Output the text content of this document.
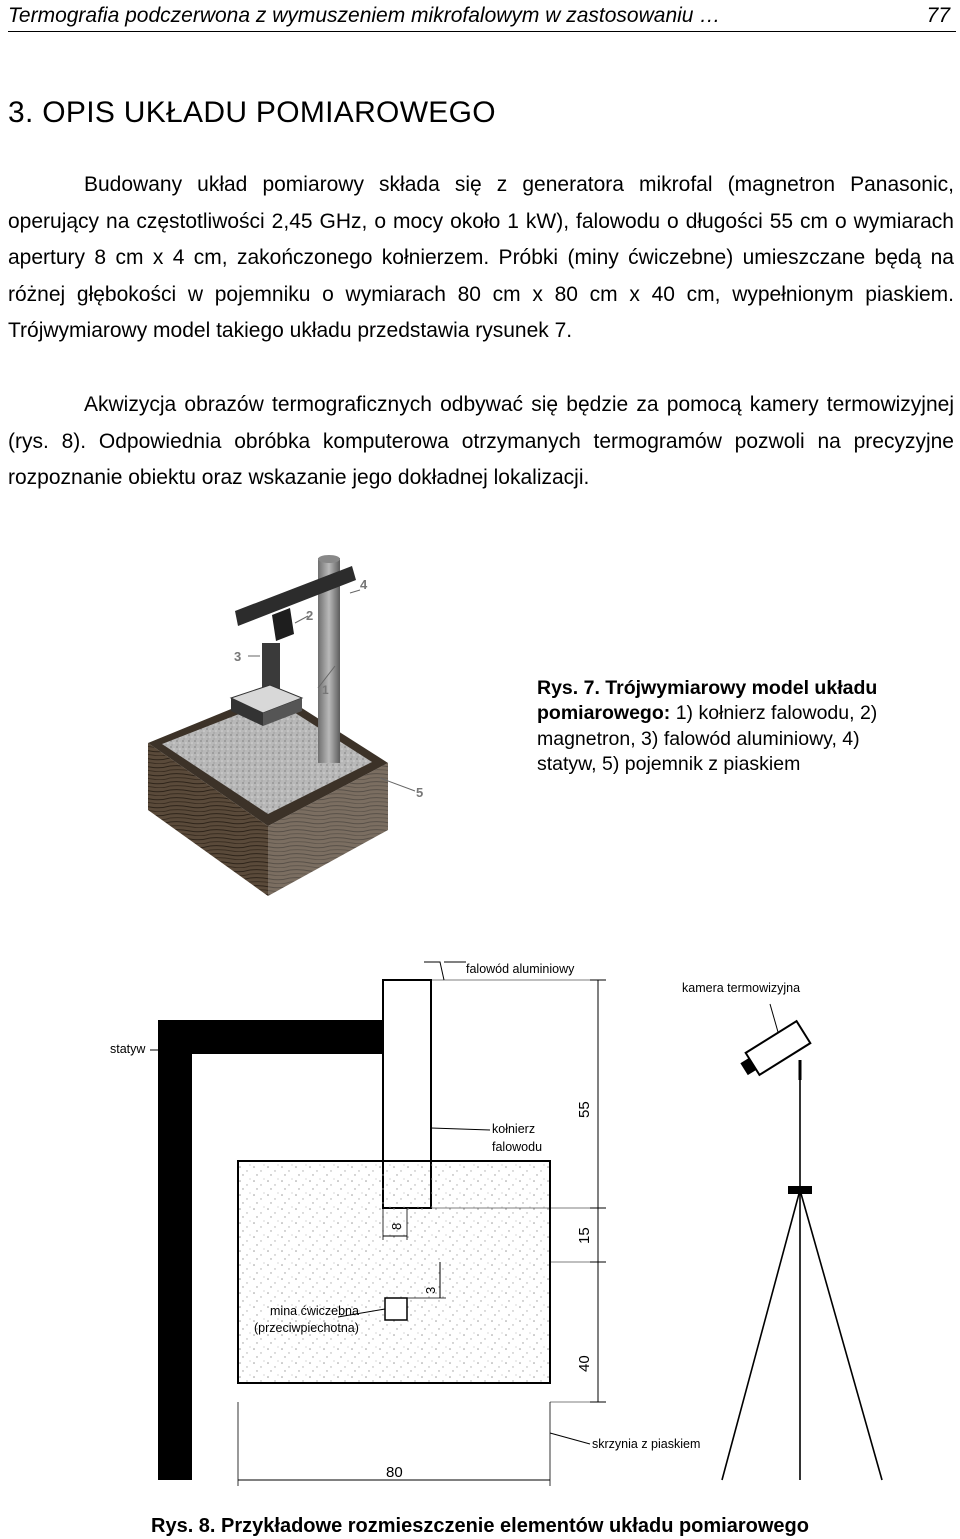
Termografia podczerwona z wymuszeniem mikrofalowym w zastosowaniu …	77
3. OPIS UKŁADU POMIAROWEGO

Budowany układ pomiarowy składa się z generatora mikrofal (magnetron Panasonic, operujący na częstotliwości 2,45 GHz, o mocy około 1 kW), falowodu o długości 55 cm o wymiarach apertury 8 cm x 4 cm, zakończonego kołnierzem. Próbki (miny ćwiczebne) umieszczane będą na różnej głębokości w pojemniku o wymiarach 80 cm x 80 cm x 40 cm, wypełnionym piaskiem. Trójwymiarowy model takiego układu przedstawia rysunek 7.

Akwizycja obrazów termograficznych odbywać się będzie za pomocą kamery termowizyjnej (rys. 8). Odpowiednia obróbka komputerowa otrzymanych termogramów pozwoli na precyzyjne rozpoznanie obiektu oraz wskazanie jego dokładnej lokalizacji.

1
2
3
4
5
Rys. 7. Trójwymiarowy model układu pomiarowego: 1) kołnierz falowodu, 2) magnetron, 3) falowód aluminiowy, 4) statyw, 5) pojemnik z piaskiem
mina ćwiczebna
(przeciwpiechotna)
kamera termowizyjna
falowód aluminiowy
statyw
kołnierz
falowodu
skrzynia z piaskiem
55
15
40
8
3
80
Rys. 8. Przykładowe rozmieszczenie elementów układu pomiarowego
